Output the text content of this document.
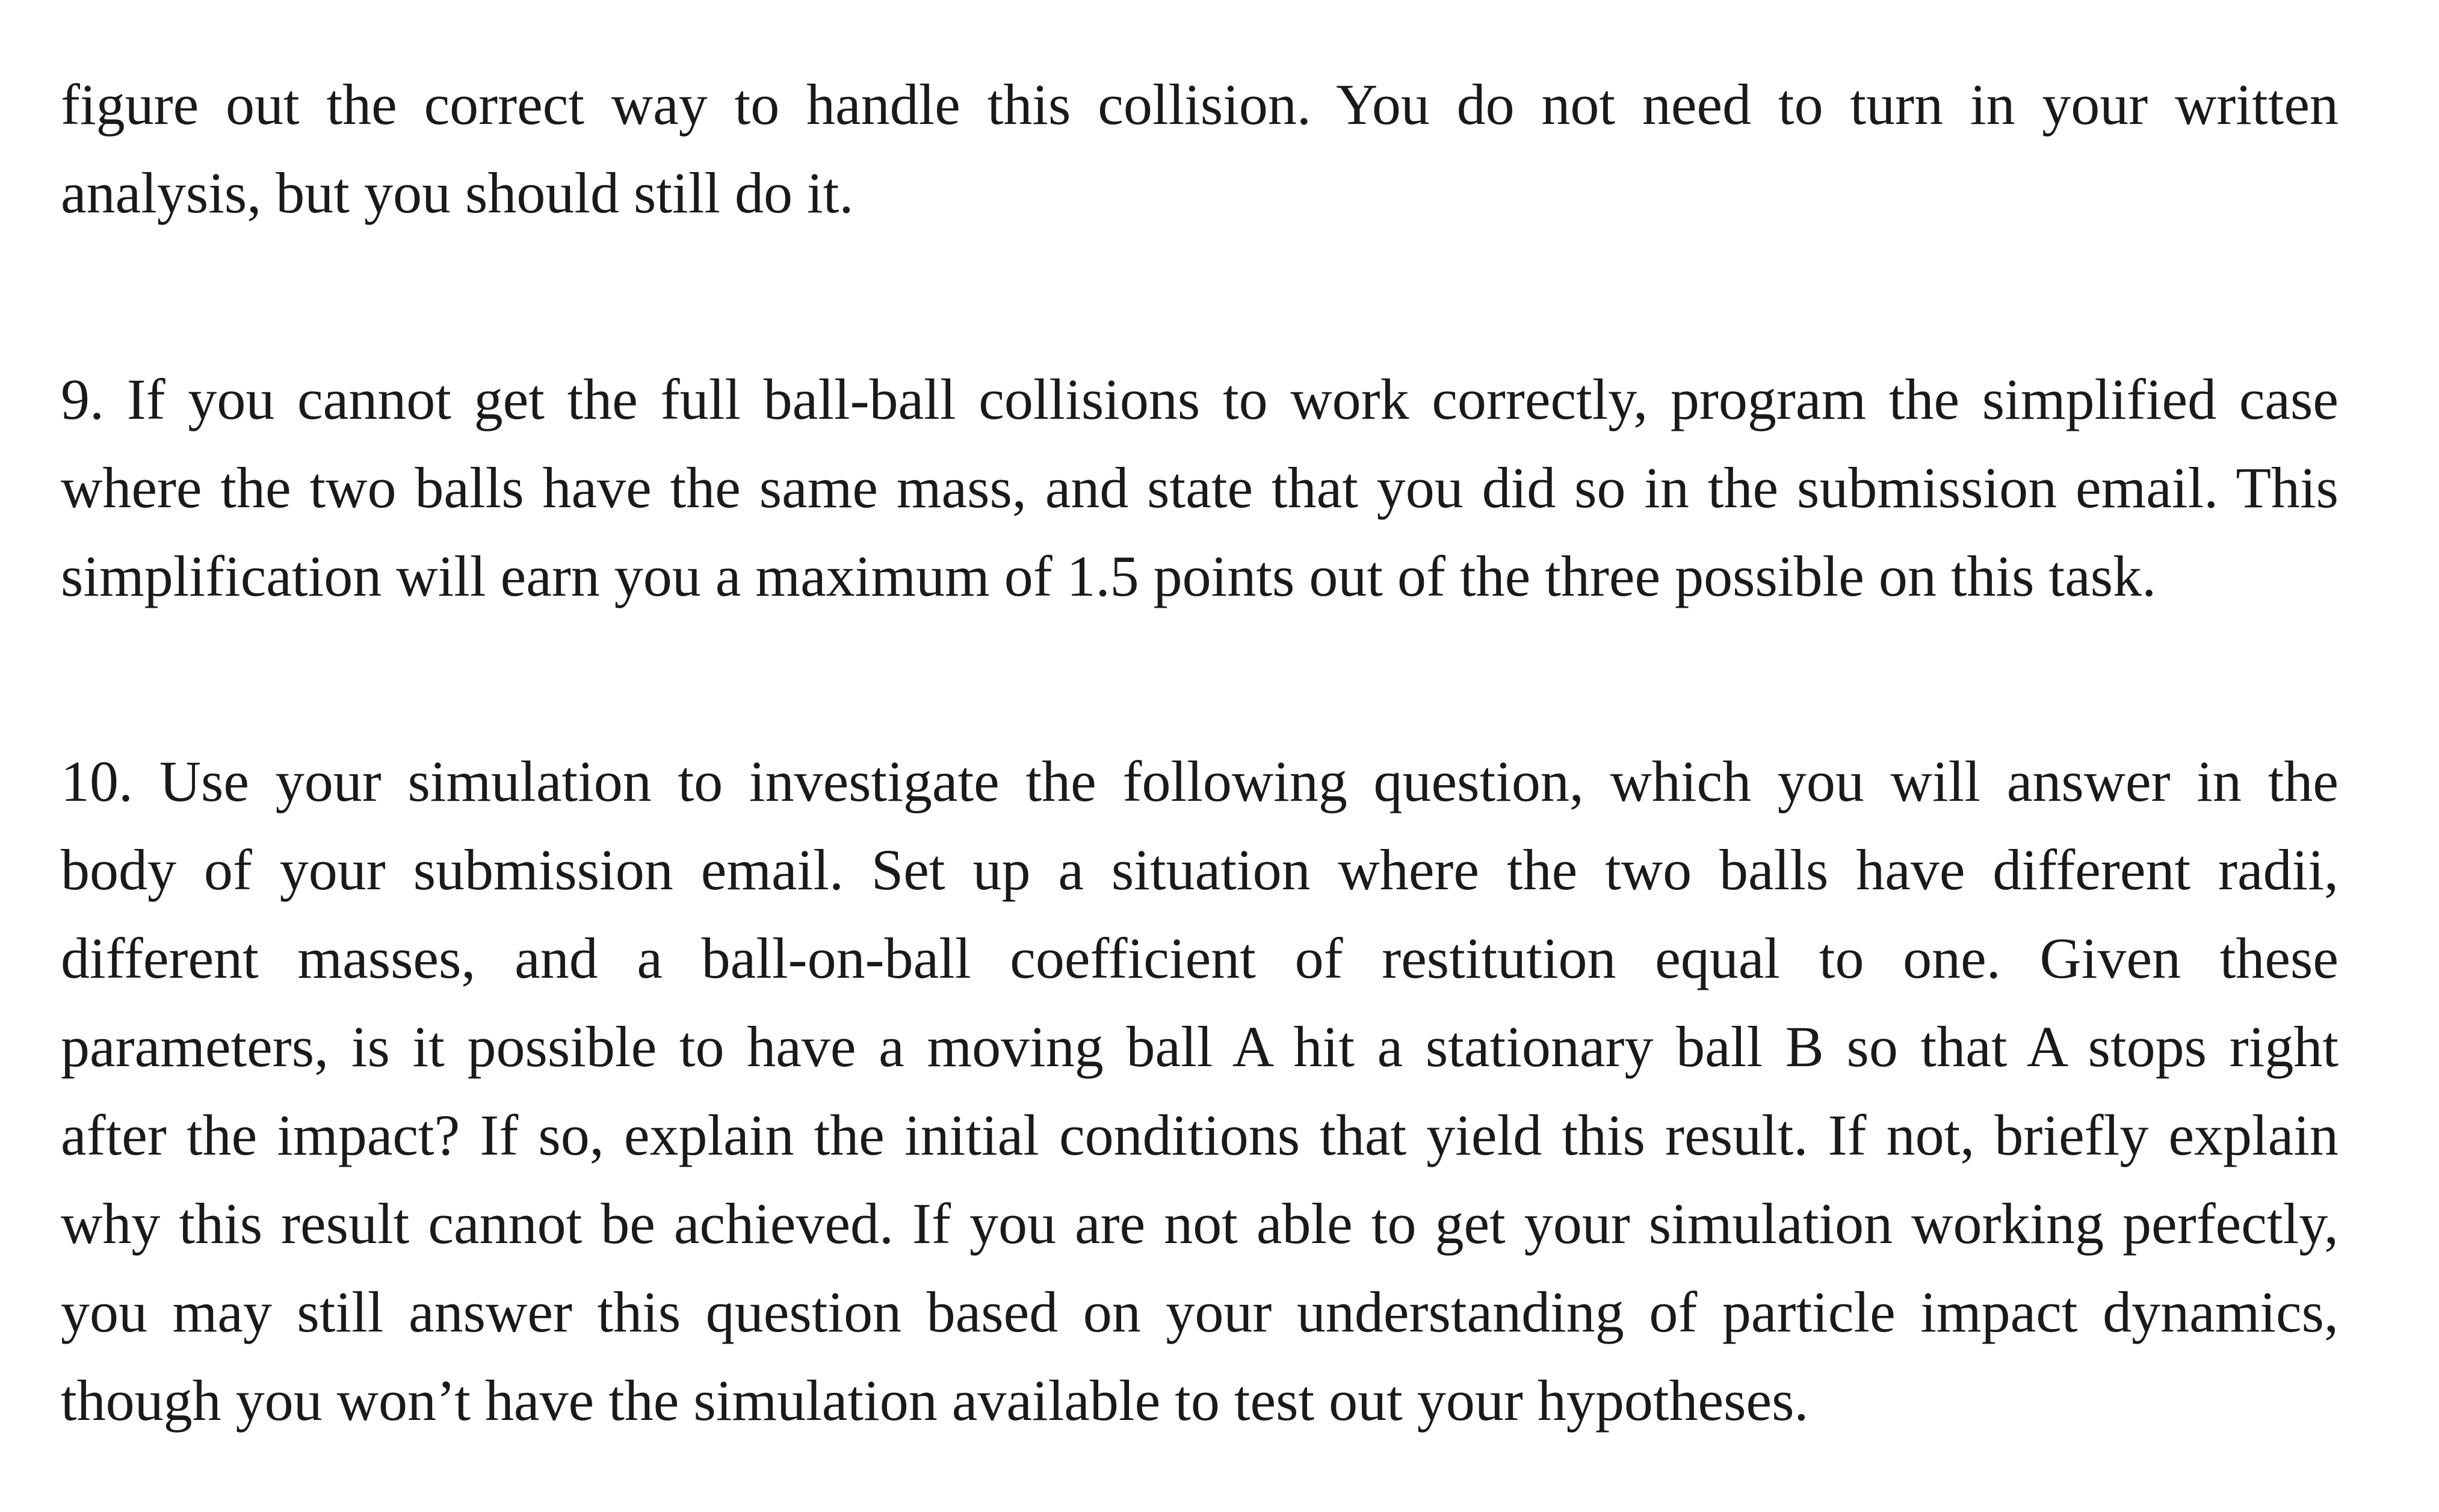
figure out the correct way to handle this collision. You do not need to turn in your written
analysis, but you should still do it.
9. If you cannot get the full ball-ball collisions to work correctly, program the simplified case
where the two balls have the same mass, and state that you did so in the submission email. This
simplification will earn you a maximum of 1.5 points out of the three possible on this task.
10. Use your simulation to investigate the following question, which you will answer in the
body of your submission email. Set up a situation where the two balls have different radii,
different masses, and a ball-on-ball coefficient of restitution equal to one. Given these
parameters, is it possible to have a moving ball A hit a stationary ball B so that A stops right
after the impact? If so, explain the initial conditions that yield this result. If not, briefly explain
why this result cannot be achieved. If you are not able to get your simulation working perfectly,
you may still answer this question based on your understanding of particle impact dynamics,
though you won’t have the simulation available to test out your hypotheses.
